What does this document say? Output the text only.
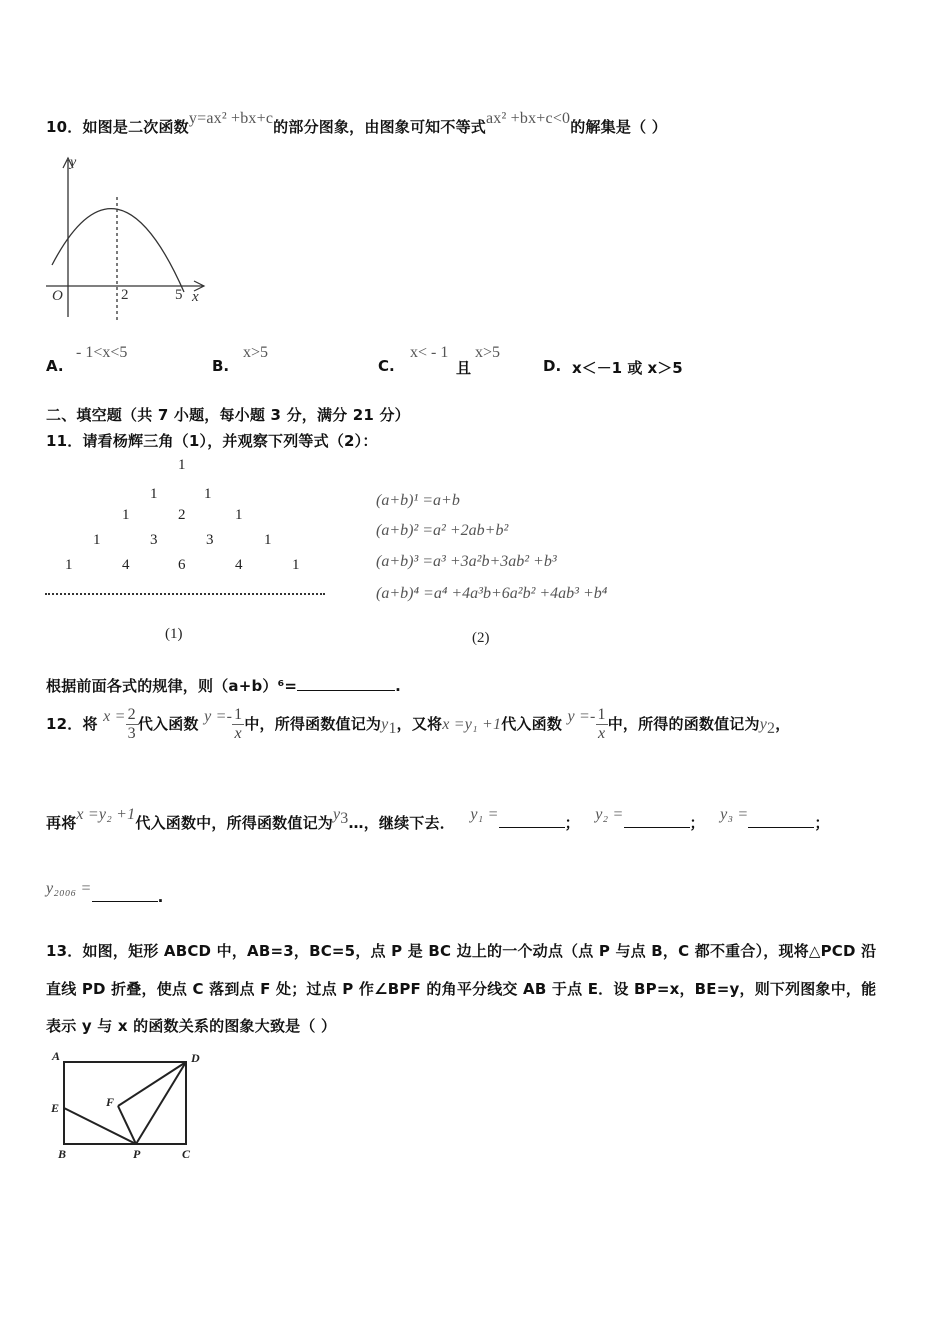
10．如图是二次函数y=ax² +bx+c的部分图象，由图象可知不等式ax² +bx+c<0的解集是（ ）
y
O	2	5 x
A.
- 1<x<5
B.
x>5
C.
x< - 1
且
x>5
D. x＜－1 或 x＞5
二、填空题（共 7 小题，每小题 3 分，满分 21 分）
11．请看杨辉三角（1），并观察下列等式（2）：
1
1	1
1	2	1
1	3	3	1
1	4	6	4	1
(1)
(a+b)¹ =a+b
(a+b)² =a² +2ab+b²
(a+b)³ =a³ +3a²b+3ab² +b³
(a+b)⁴ =a⁴ +4a³b+6a²b² +4ab³ +b⁴
(2)
根据前面各式的规律，则（a+b）⁶=	.
12．将 $x = \frac{2}{3}$ 代入函数 $y =- \frac{1}{x}$ 中，所得函数值记为$y_1$，又将x =y₁ +1代入函数 $y =- \frac{1}{x}$ 中，所得的函数值记为$y_2$，
再将x =y₂ +1代入函数中，所得函数值记为$y_3\dots$，继续下去． y₁ =	； y₂ =	； y₃ =	；
y₂₀₀₆ =	.
13．如图，矩形 ABCD 中，AB=3，BC=5，点 P 是 BC 边上的一个动点（点 P 与点 B，C 都不重合），现将△PCD 沿
直线 PD 折叠，使点 C 落到点 F 处；过点 P 作∠BPF 的角平分线交 AB 于点 E．设 BP=x，BE=y，则下列图象中，能
表示 y 与 x 的函数关系的图象大致是（ ）
A	D
E	F
B	P	C
